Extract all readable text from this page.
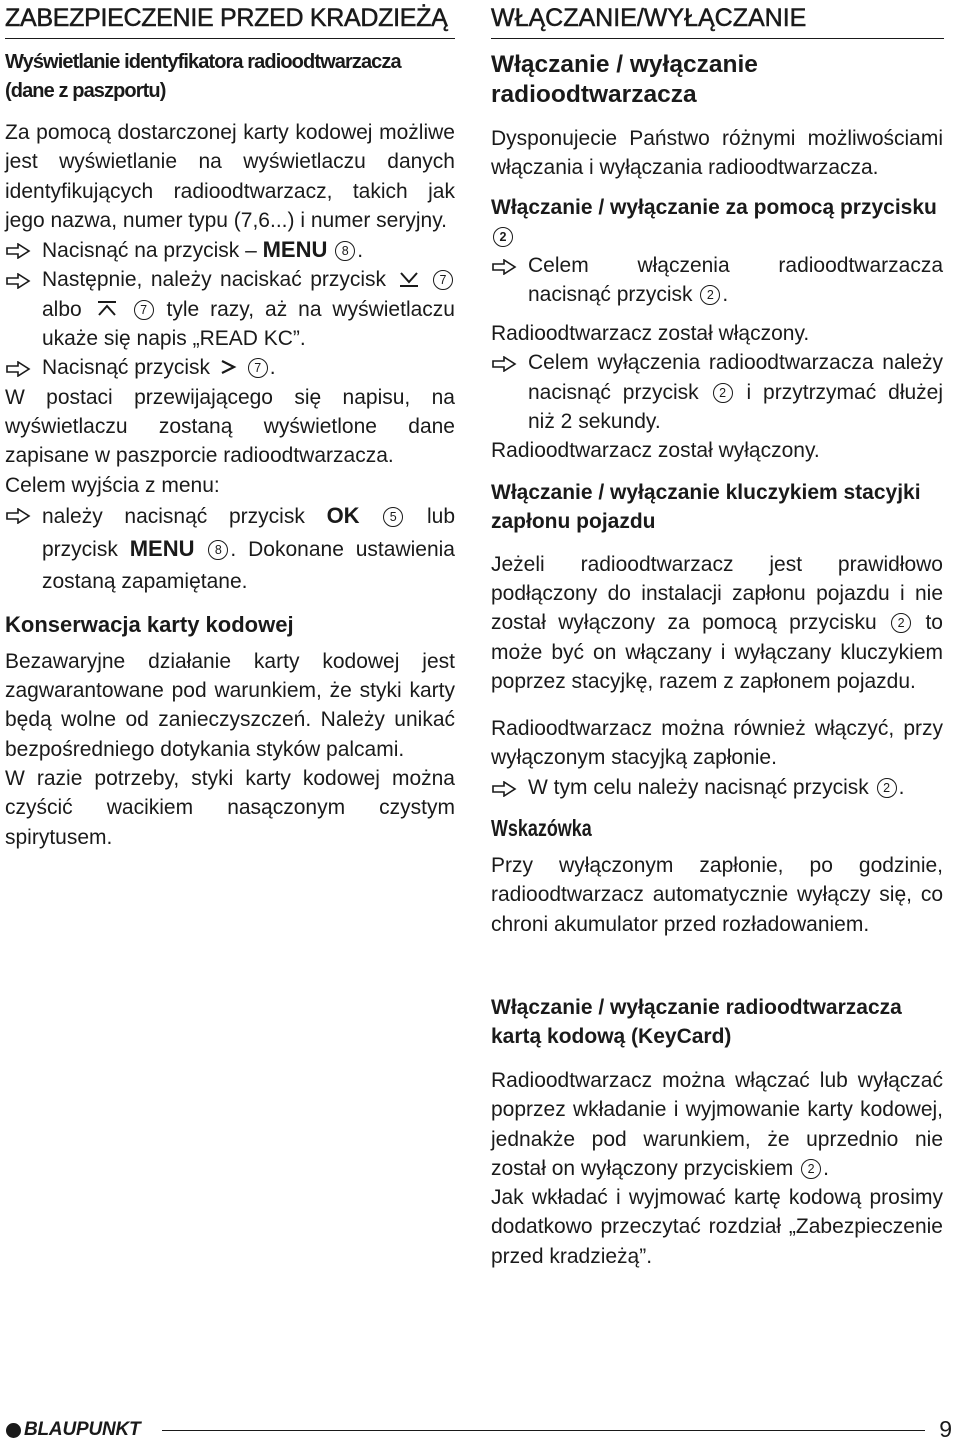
ZABEZPIECZENIE PRZED KRADZIEŻĄ
Wyświetlanie identyfikatora radioodtwarzacza
(dane z paszportu)

Za pomocą dostarczonej karty kodowej możliwe jest wyświetlanie na wyświetlaczu danych identyfikujących radioodtwarzacz, takich jak jego nazwa, numer typu (7,6...) i numer seryjny.

Nacisnąć na przycisk – MENU 8 .
Następnie, należy naciskać przycisk	7 albo	7 tyle razy, aż na wyświetlaczu ukaże się napis „READ KC”.
Nacisnąć przycisk	7 .

W postaci przewijającego się napisu, na wyświetlaczu zostaną wyświetlone dane zapisane w paszporcie radioodtwarzacza.

Celem wyjścia z menu:

należy nacisnąć przycisk OK 5 lub przycisk MENU 8 . Dokonane ustawienia zostaną zapamiętane.
Konserwacja karty kodowej

Bezawaryjne działanie karty kodowej jest zagwarantowane pod warunkiem, że styki karty będą wolne od zanieczyszczeń. Należy unikać bezpośredniego dotykania styków palcami.

W razie potrzeby, styki karty kodowej można czyścić wacikiem nasączonym czystym spirytusem.

WŁĄCZANIE/WYŁĄCZANIE
Włączanie / wyłączanie
radioodtwarzacza

Dysponujecie Państwo różnymi możliwościami włączania i wyłączania radioodtwarzacza.

Włączanie / wyłączanie za pomocą przycisku 2
Celem włączenia radioodtwarzacza nacisnąć przycisk 2 .

Radioodtwarzacz został włączony.

Celem wyłączenia radioodtwarzacza należy nacisnąć przycisk 2 i przytrzymać dłużej niż 2 sekundy.

Radioodtwarzacz został wyłączony.

Włączanie / wyłączanie kluczykiem stacyjki zapłonu pojazdu

Jeżeli radioodtwarzacz jest prawidłowo podłączony do instalacji zapłonu pojazdu i nie został wyłączony za pomocą przycisku 2 to może być on włączany i wyłączany kluczykiem poprzez stacyjkę, razem z zapłonem pojazdu.

Radioodtwarzacz można również włączyć, przy wyłączonym stacyjką zapłonie.

W tym celu należy nacisnąć przycisk 2 .
Wskazówka

Przy wyłączonym zapłonie, po godzinie, radioodtwarzacz automatycznie wyłączy się, co chroni akumulator przed rozładowaniem.

Włączanie / wyłączanie radioodtwarzacza kartą kodową (KeyCard)

Radioodtwarzacz można włączać lub wyłączać poprzez wkładanie i wyjmowanie karty kodowej, jednakże pod warunkiem, że uprzednio nie został on wyłączony przyciskiem 2 .

Jak wkładać i wyjmować kartę kodową prosimy dodatkowo przeczytać rozdział „Zabezpieczenie przed kradzieżą”.

BLAUPUNKT	9
